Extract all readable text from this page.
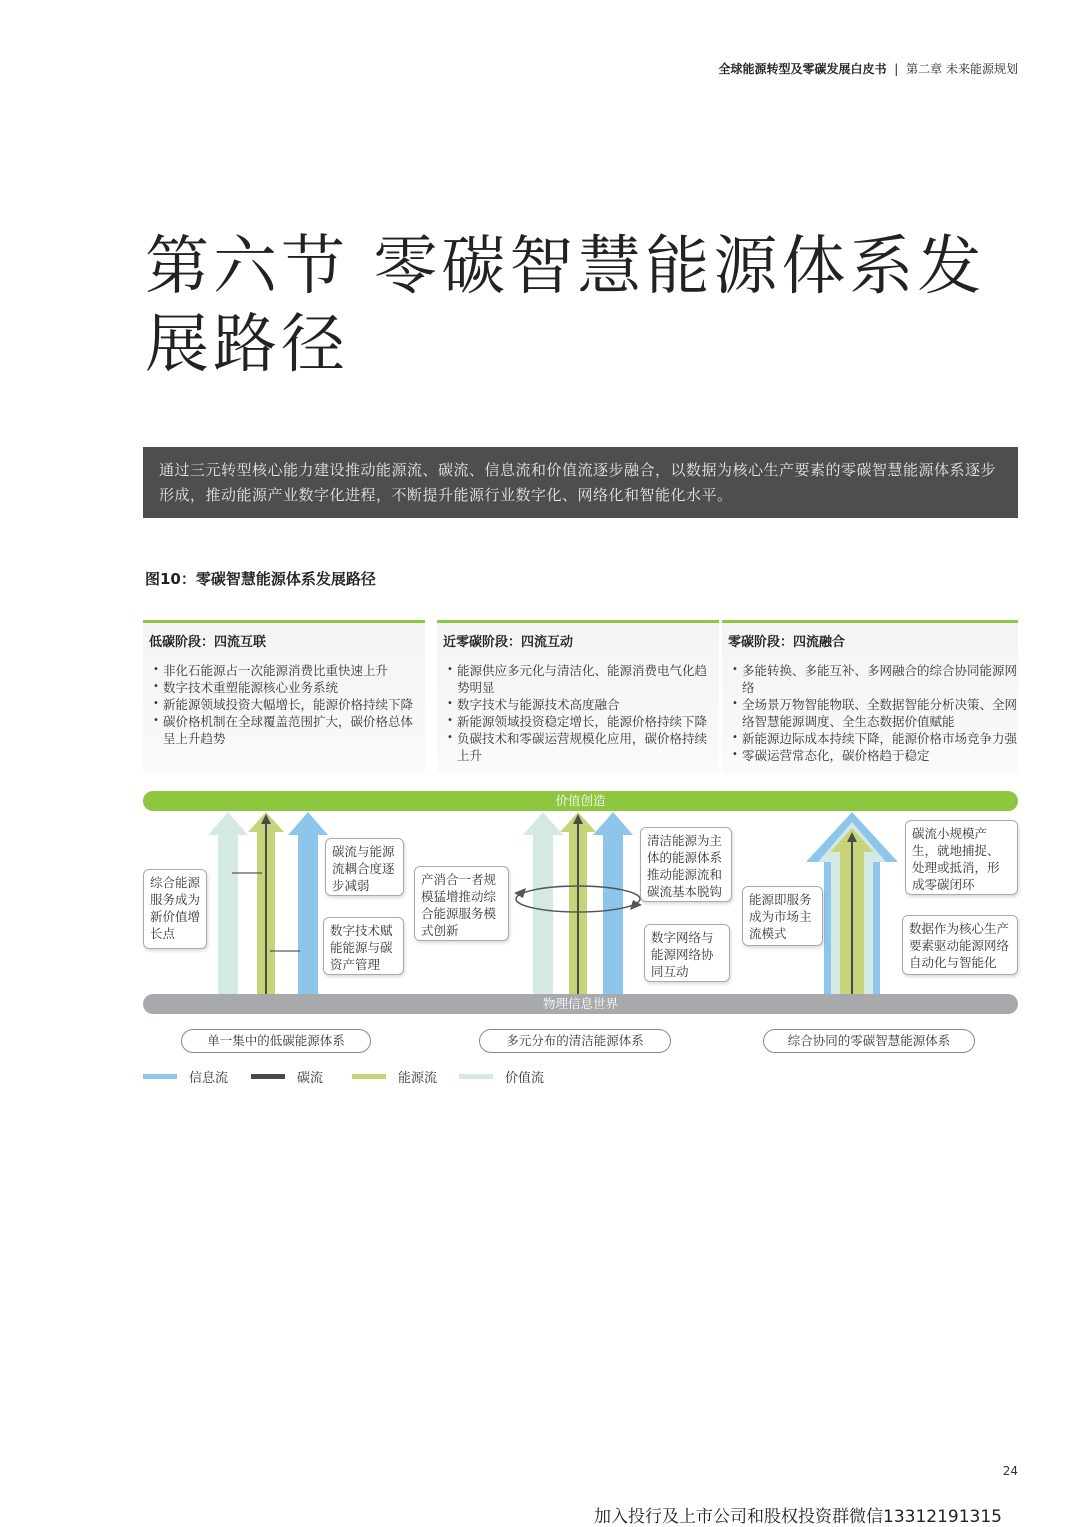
全球能源转型及零碳发展白皮书 | 第二章 未来能源规划
第六节 零碳智慧能源体系发
展路径
通过三元转型核心能力建设推动能源流、碳流、信息流和价值流逐步融合，以数据为核心生产要素的零碳智慧能源体系逐步形成，推动能源产业数字化进程，不断提升能源行业数字化、网络化和智能化水平。
图10：零碳智慧能源体系发展路径
低碳阶段：四流互联
• 非化石能源占一次能源消费比重快速上升
• 数字技术重塑能源核心业务系统
• 新能源领域投资大幅增长，能源价格持续下降
• 碳价格机制在全球覆盖范围扩大，碳价格总体呈上升趋势
近零碳阶段：四流互动
• 能源供应多元化与清洁化、能源消费电气化趋势明显
• 数字技术与能源技术高度融合
• 新能源领域投资稳定增长，能源价格持续下降
• 负碳技术和零碳运营规模化应用，碳价格持续上升
零碳阶段：四流融合
• 多能转换、多能互补、多网融合的综合协同能源网络
• 全场景万物智能物联、全数据智能分析决策、全网络智慧能源调度、全生态数据价值赋能
• 新能源边际成本持续下降，能源价格市场竞争力强
• 零碳运营常态化，碳价格趋于稳定
价值创造
物理信息世界
综合能源服务成为新价值增长点
碳流与能源流耦合度逐步减弱
数字技术赋能能源与碳资产管理
产消合一者规模猛增推动综合能源服务模式创新
清洁能源为主体的能源体系推动能源流和碳流基本脱钩
数字网络与能源网络协同互动
能源即服务成为市场主流模式
碳流小规模产生，就地捕捉、处理或抵消，形成零碳闭环
数据作为核心生产要素驱动能源网络自动化与智能化
单一集中的低碳能源体系	多元分布的清洁能源体系	综合协同的零碳智慧能源体系
信息流	碳流	能源流	价值流
24
加入投行及上市公司和股权投资群微信13312191315
